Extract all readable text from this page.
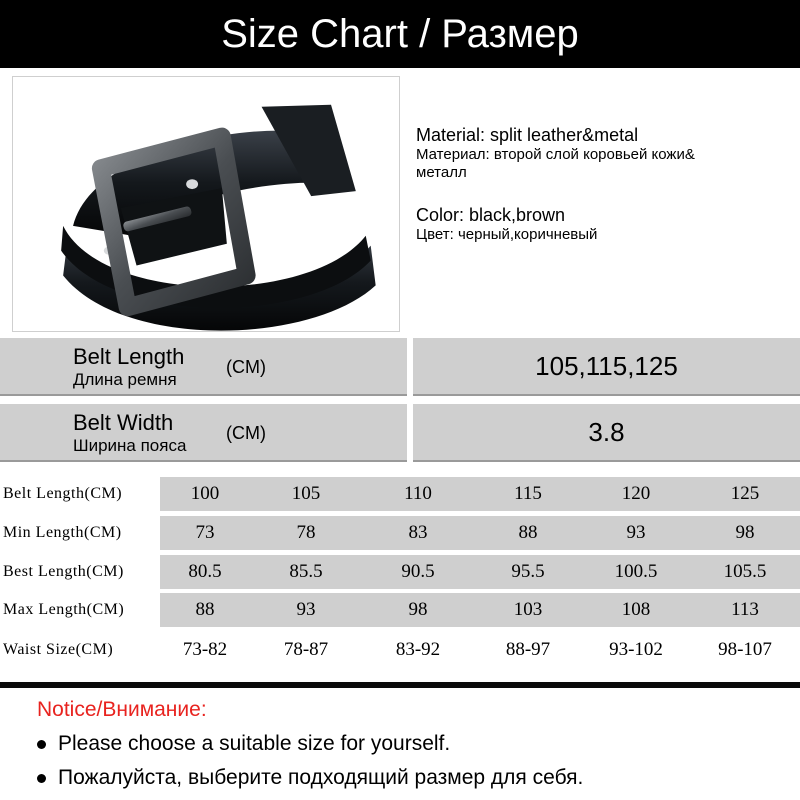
Size Chart / Размер
Material: split leather&metal
Материал: второй слой коровьей кожи&
металл
Color: black,brown
Цвет: черный,коричневый
Belt Length
Длина ремня
(CM)	105,115,125
Belt Width
Ширина пояса
(CM)	3.8
Belt Length(CM)	100	105	110	115	120	125
Min Length(CM)	73	78	83	88	93	98
Best Length(CM)	80.5	85.5	90.5	95.5	100.5	105.5
Max Length(CM)	88	93	98	103	108	113
Waist Size(CM)	73-82	78-87	83-92	88-97	93-102	98-107
Notice/Внимание:
Please choose a suitable size for yourself.
Пожалуйста, выберите подходящий размер для себя.
